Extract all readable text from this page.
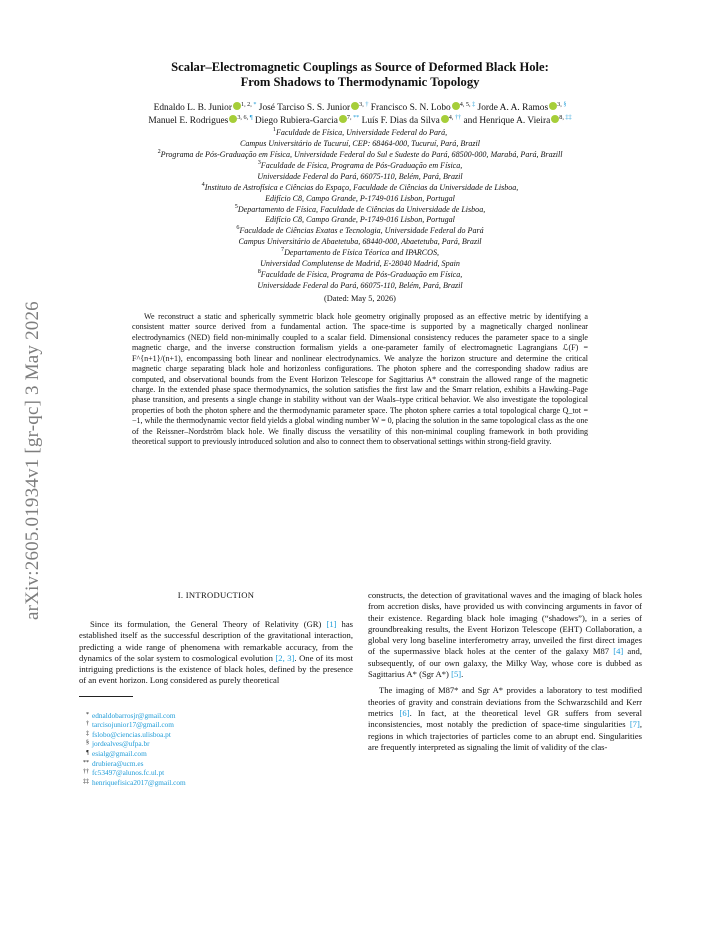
arXiv:2605.01934v1 [gr-qc] 3 May 2026
Scalar–Electromagnetic Couplings as Source of Deformed Black Hole:
From Shadows to Thermodynamic Topology
Ednaldo L. B. Junior $^{1, 2, *}$ José Tarciso S. S. Junior $^{3, \dagger}$ Francisco S. N. Lobo $^{4, 5, \ddagger}$ Jorde A. A. Ramos $^{3, \S}$
Manuel E. Rodrigues $^{3, 6, \P}$ Diego Rubiera-Garcia $^{7, **}$ Luís F. Dias da Silva $^{4, \dagger\dagger}$ and Henrique A. Vieira $^{8, \ddagger\ddagger}$
$^1$Faculdade de Física, Universidade Federal do Pará,
Campus Universitário de Tucuruí, CEP: 68464-000, Tucuruí, Pará, Brazil
$^2$Programa de Pós-Graduação em Física, Universidade Federal do Sul e Sudeste do Pará, 68500-000, Marabá, Pará, Brazill
$^3$Faculdade de Física, Programa de Pós-Graduação em Física,
Universidade Federal do Pará, 66075-110, Belém, Pará, Brazil
$^4$Instituto de Astrofísica e Ciências do Espaço, Faculdade de Ciências da Universidade de Lisboa,
Edifício C8, Campo Grande, P-1749-016 Lisbon, Portugal
$^5$Departamento de Física, Faculdade de Ciências da Universidade de Lisboa,
Edifício C8, Campo Grande, P-1749-016 Lisbon, Portugal
$^6$Faculdade de Ciências Exatas e Tecnologia, Universidade Federal do Pará
Campus Universitário de Abaetetuba, 68440-000, Abaetetuba, Pará, Brazil
$^7$Departamento de Física Téorica and IPARCOS,
Universidad Complutense de Madrid, E-28040 Madrid, Spain
$^8$Faculdade de Física, Programa de Pós-Graduação em Física,
Universidade Federal do Pará, 66075-110, Belém, Pará, Brazil
(Dated: May 5, 2026)
We reconstruct a static and spherically symmetric black hole geometry originally proposed as an effective metric by identifying a consistent matter source derived from a fundamental action. The space-time is supported by a magnetically charged nonlinear electrodynamics (NED) field non-minimally coupled to a scalar field. Dimensional consistency reduces the parameter space to a single magnetic charge, and the inverse construction formalism yields a one-parameter family of electromagnetic Lagrangians ℒ(F) = F^{n+1}/(n+1), encompassing both linear and nonlinear electrodynamics. We analyze the horizon structure and determine the critical magnetic charge separating black hole and horizonless configurations. The photon sphere and the corresponding shadow radius are computed, and observational bounds from the Event Horizon Telescope for Sagittarius A* constrain the allowed range of the magnetic charge. In the extended phase space thermodynamics, the solution satisfies the first law and the Smarr relation, exhibits a Hawking–Page phase transition, and presents a single change in stability without van der Waals–type critical behavior. We also investigate the topological properties of both the photon sphere and the thermodynamic parameter space. The photon sphere carries a total topological charge Q_tot = −1, while the thermodynamic vector field yields a global winding number W = 0, placing the solution in the same topological class as the one of the Reissner–Nordström black hole. We finally discuss the versatility of this non-minimal coupling framework in both providing theoretical support to previously introduced solution and also to connect them to observational settings within strong-field gravity.
I. INTRODUCTION

Since its formulation, the General Theory of Relativity (GR) [1] has established itself as the successful description of the gravitational interaction, predicting a wide range of phenomena with remarkable accuracy, from the dynamics of the solar system to cosmological evolution [2, 3]. One of its most intriguing predictions is the existence of black holes, defined by the presence of an event horizon. Long considered as purely theoretical

* ednaldobarrosjr@gmail.com
† tarcisojunior17@gmail.com
‡ fslobo@ciencias.ulisboa.pt
§ jordealves@ufpa.br
¶ esialg@gmail.com
** drubiera@ucm.es
†† fc53497@alunos.fc.ul.pt
‡‡ henriquefisica2017@gmail.com

constructs, the detection of gravitational waves and the imaging of black holes from accretion disks, have provided us with convincing arguments in favor of their existence. Regarding black hole imaging (“shadows”), in a series of groundbreaking results, the Event Horizon Telescope (EHT) Collaboration, a global very long baseline interferometry array, unveiled the first direct images of the supermassive black holes at the center of the galaxy M87 [4] and, subsequently, of our own galaxy, the Milky Way, whose core is dubbed as Sagittarius A* (Sgr A*) [5].

The imaging of M87* and Sgr A* provides a laboratory to test modified theories of gravity and constrain deviations from the Schwarzschild and Kerr metrics [6]. In fact, at the theoretical level GR suffers from several inconsistencies, most notably the prediction of space-time singularities [7], regions in which trajectories of particles come to an abrupt end. Singularities are frequently interpreted as signaling the limit of validity of the clas-
